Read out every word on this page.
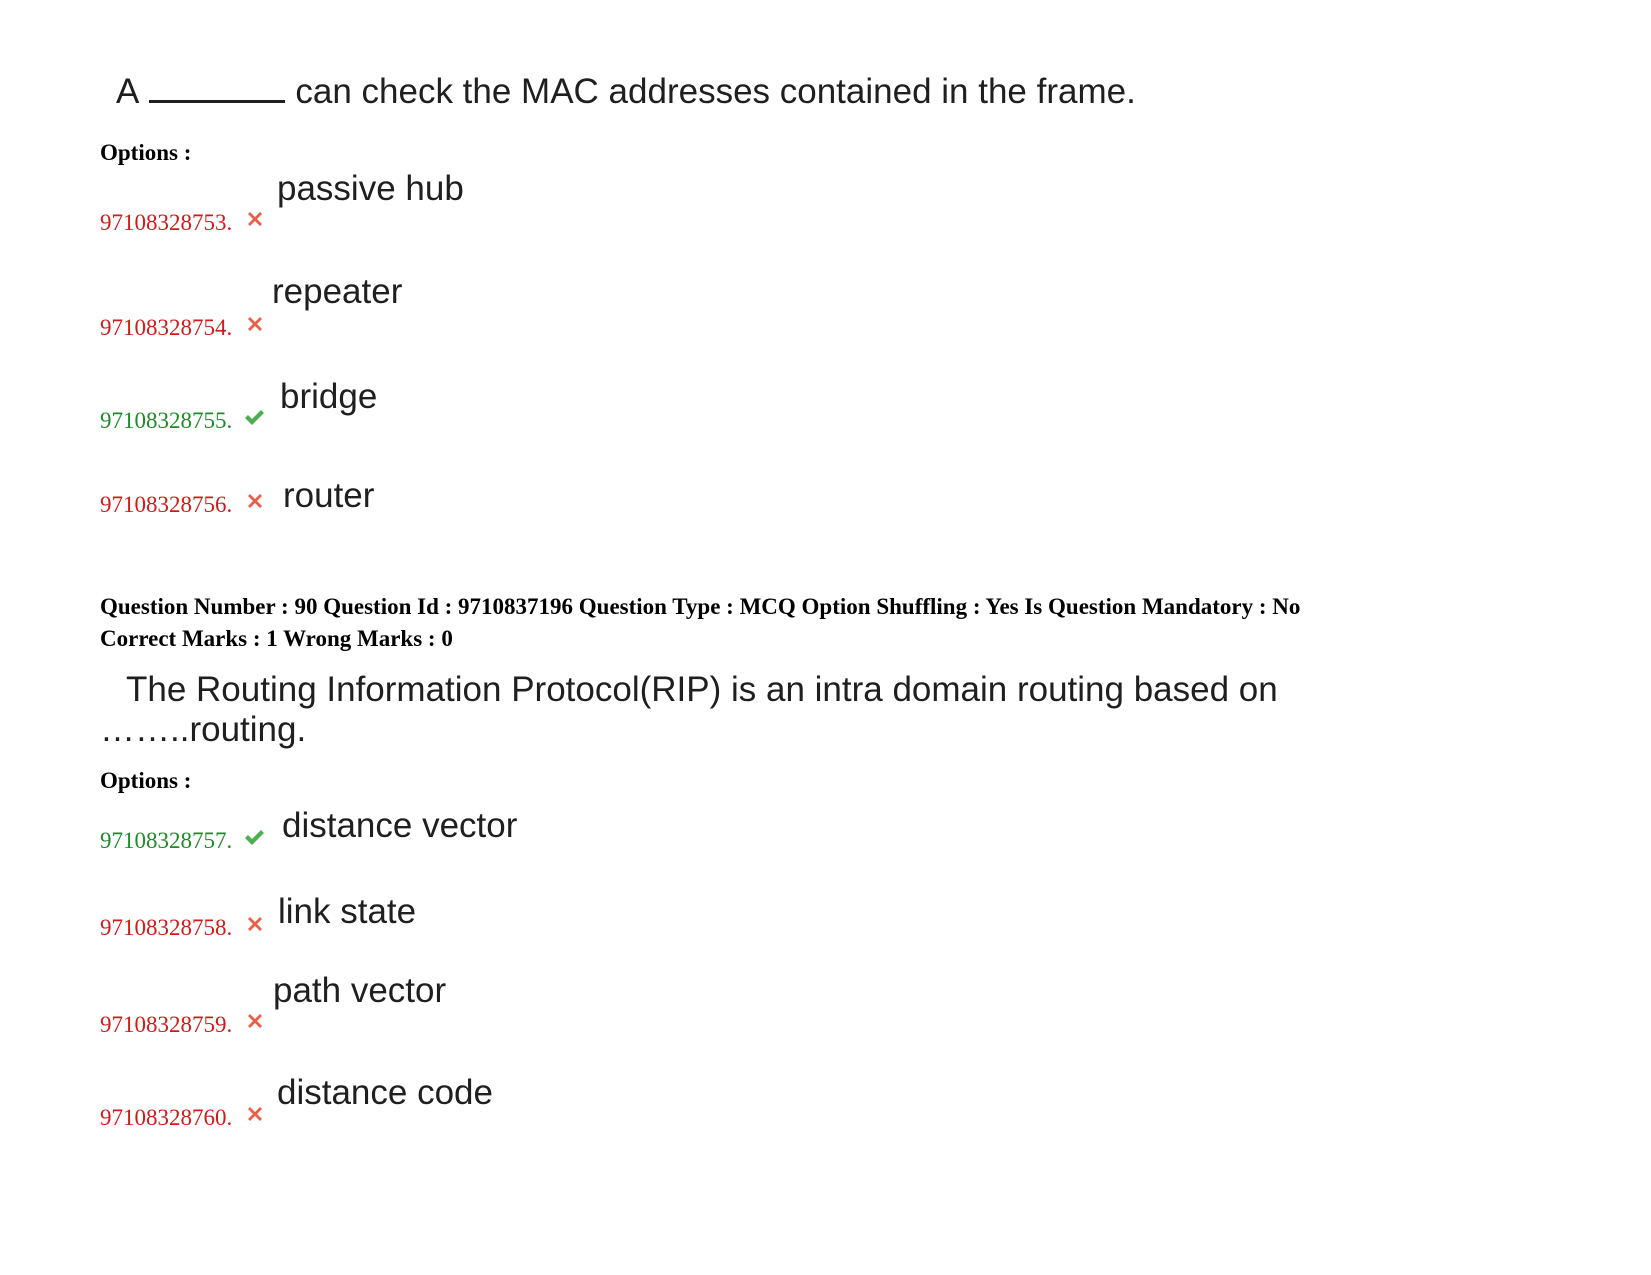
A	can check the MAC addresses contained in the frame.
Options :
97108328753.
passive hub
97108328754.
repeater
97108328755.
bridge
97108328756. router
Question Number : 90 Question Id : 9710837196 Question Type : MCQ Option Shuffling : Yes Is Question Mandatory : No
Correct Marks : 1 Wrong Marks : 0
The Routing Information Protocol(RIP) is an intra domain routing based on
……..routing.
Options :
97108328757. distance vector
97108328758. link state
97108328759.
path vector
97108328760.
distance code
